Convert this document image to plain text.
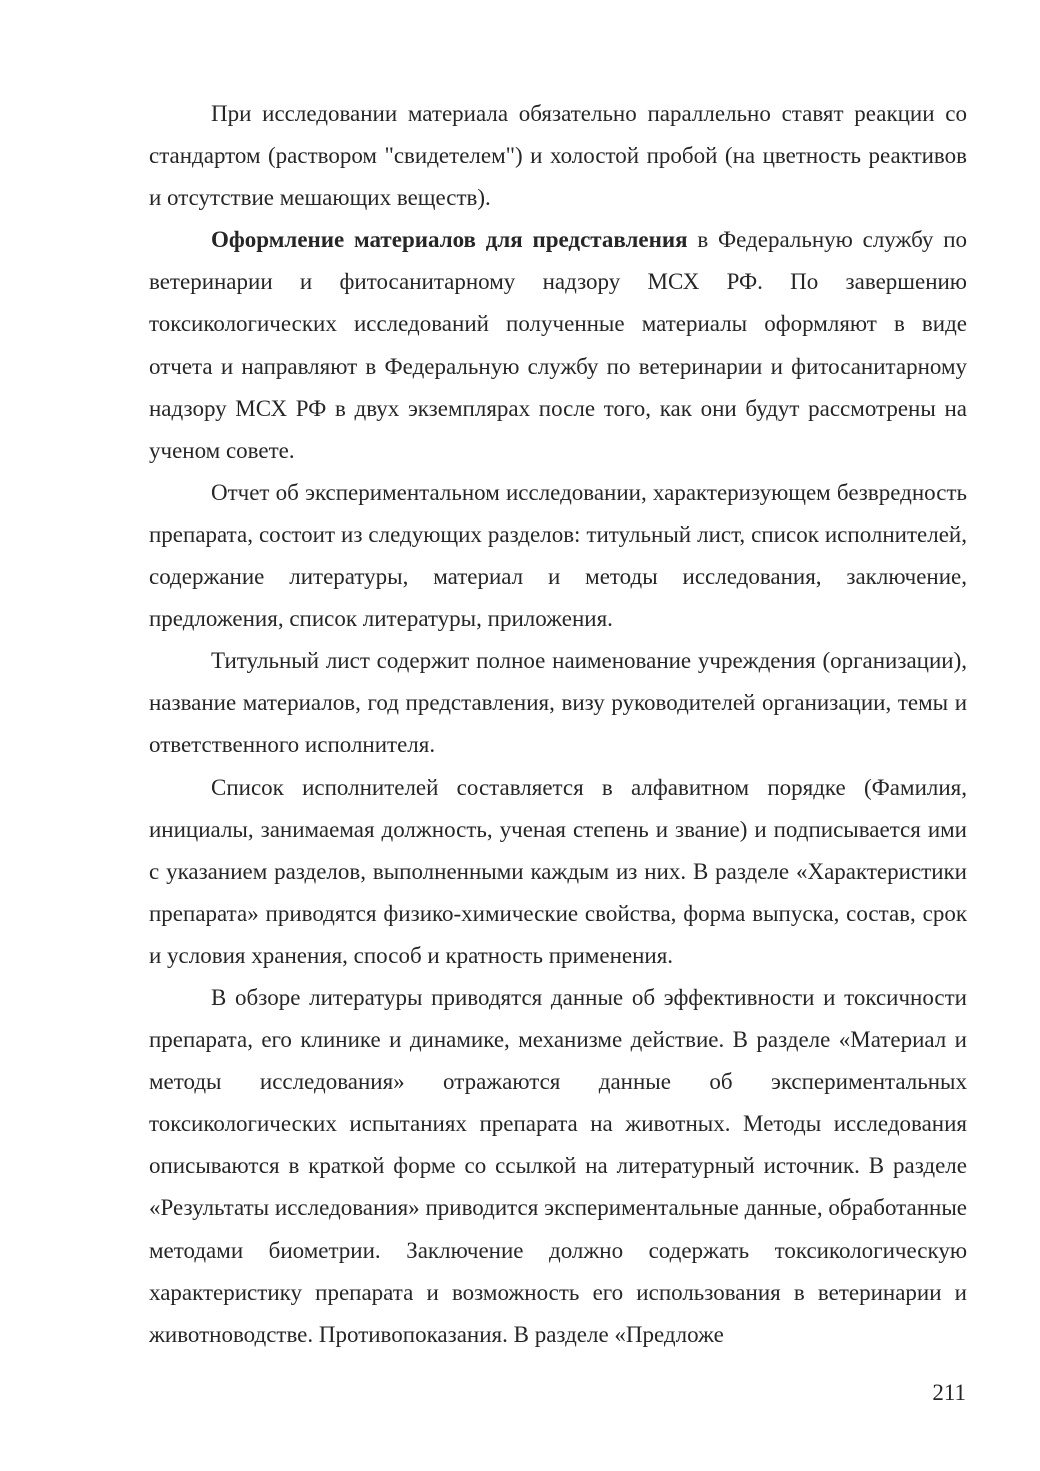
При исследовании материала обязательно параллельно ставят реакции со стандартом (раствором "свидетелем") и холостой пробой (на цветность реактивов и отсутствие мешающих веществ).

Оформление материалов для представления в Федеральную службу по ветеринарии и фитосанитарному надзору МСХ РФ. По завершению токсикологических исследований полученные материалы оформляют в виде отчета и направляют в Федеральную службу по ветеринарии и фитосанитарному надзору МСХ РФ в двух экземплярах после того, как они будут рассмотрены на ученом совете.

Отчет об экспериментальном исследовании, характеризующем безвредность препарата, состоит из следующих разделов: титульный лист, список исполнителей, содержание литературы, материал и методы исследования, заключение, предложения, список литературы, приложения.

Титульный лист содержит полное наименование учреждения (организации), название материалов, год представления, визу руководителей организации, темы и ответственного исполнителя.

Список исполнителей составляется в алфавитном порядке (Фамилия, инициалы, занимаемая должность, ученая степень и звание) и подписывается ими с указанием разделов, выполненными каждым из них. В разделе «Характеристики препарата» приводятся физико-химические свойства, форма выпуска, состав, срок и условия хранения, способ и кратность применения.

В обзоре литературы приводятся данные об эффективности и токсичности препарата, его клинике и динамике, механизме действие. В разделе «Материал и методы исследования» отражаются данные об экспериментальных токсикологических испытаниях препарата на животных. Методы исследования описываются в краткой форме со ссылкой на литературный источник. В разделе «Результаты исследования» приводится экспериментальные данные, обработанные методами биометрии. Заключение должно содержать токсикологическую характеристику препарата и возможность его использования в ветеринарии и животноводстве. Противопоказания. В разделе «Предложе

211
